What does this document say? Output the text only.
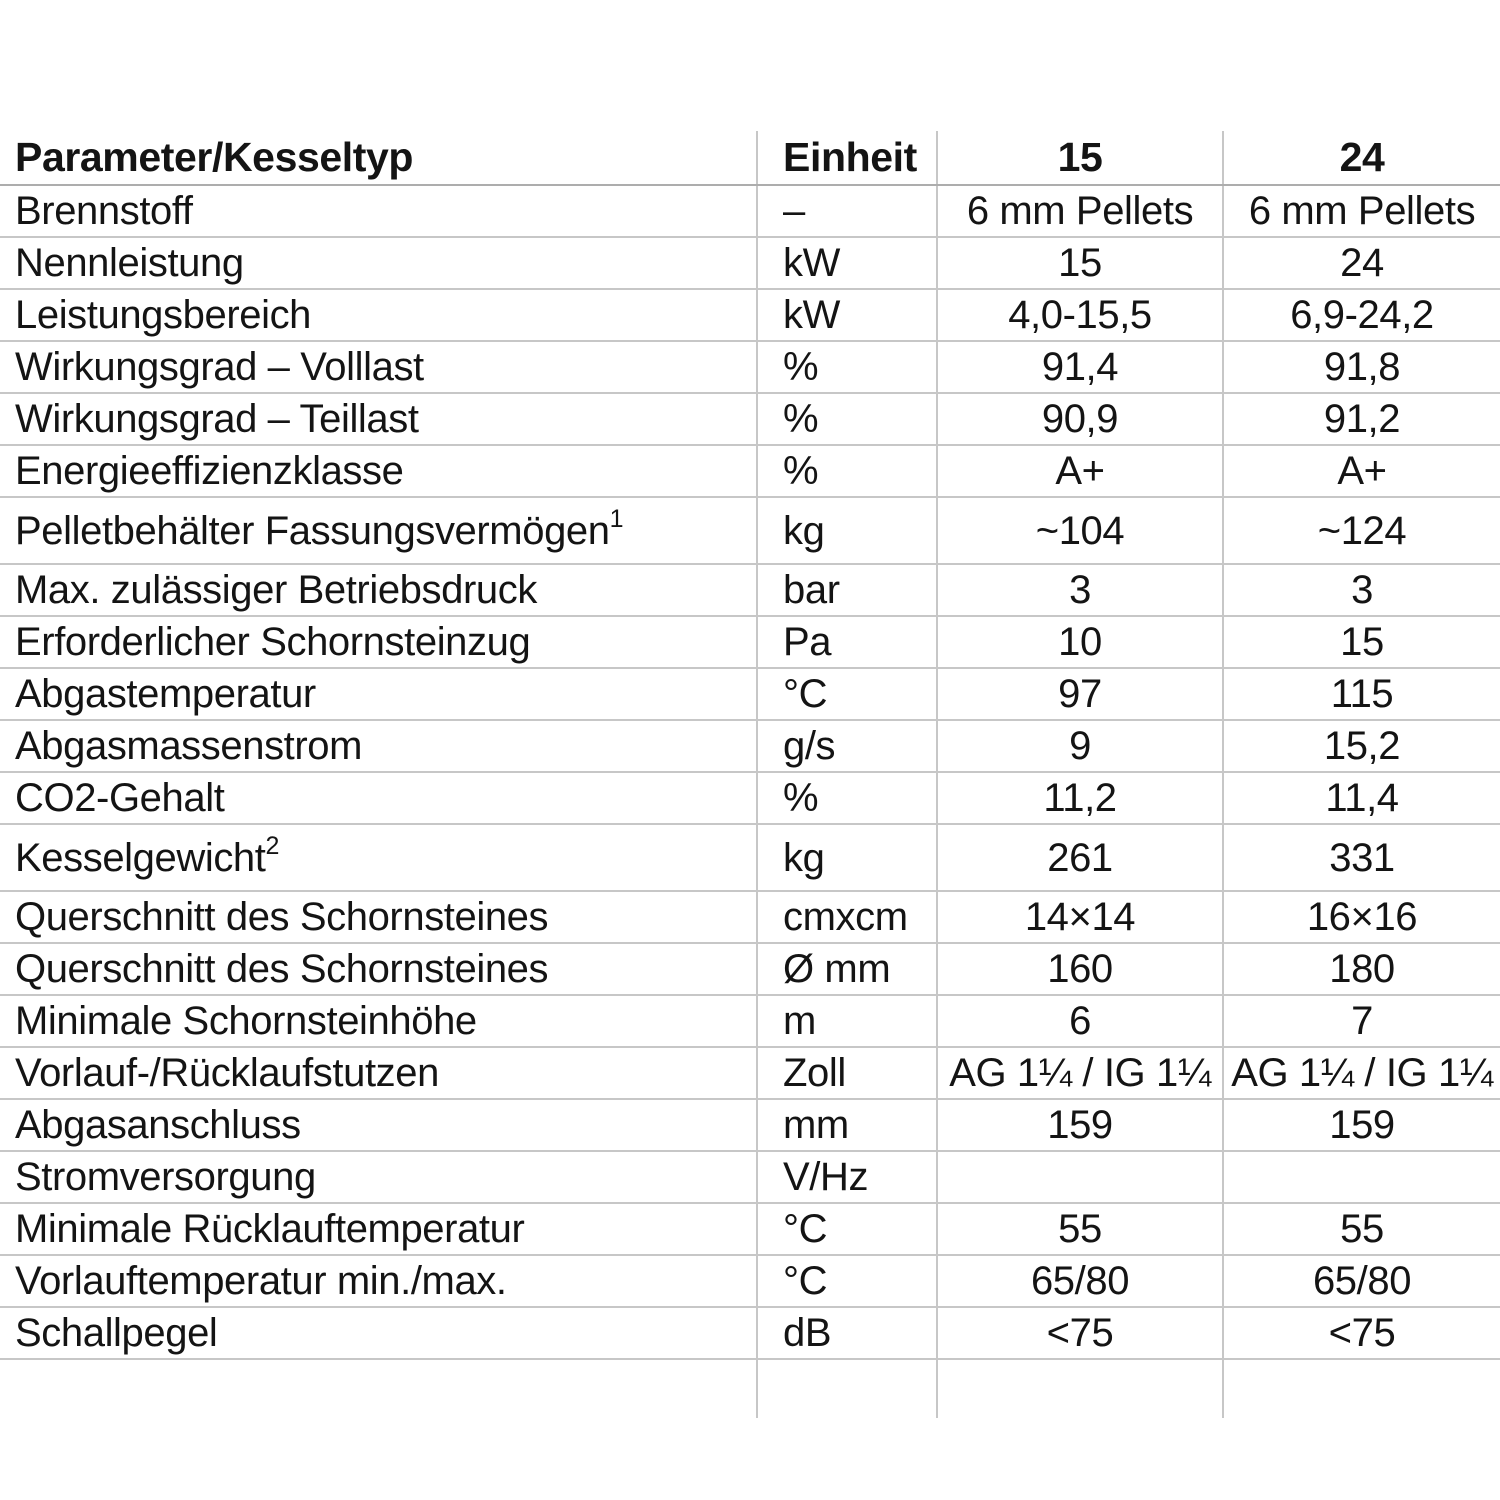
Parameter/Kesseltyp	Einheit	15	24
Brennstoff	–	6 mm Pellets	6 mm Pellets
Nennleistung	kW	15	24
Leistungsbereich	kW	4,0-15,5	6,9-24,2
Wirkungsgrad – Volllast	%	91,4	91,8
Wirkungsgrad – Teillast	%	90,9	91,2
Energieeffizienzklasse	%	A+	A+
Pelletbehälter Fassungsvermögen$^1$	kg	~104	~124
Max. zulässiger Betriebsdruck	bar	3	3
Erforderlicher Schornsteinzug	Pa	10	15
Abgastemperatur	°C	97	115
Abgasmassenstrom	g/s	9	15,2
CO2-Gehalt	%	11,2	11,4
Kesselgewicht$^2$	kg	261	331
Querschnitt des Schornsteines	cmxcm	14×14	16×16
Querschnitt des Schornsteines	Ø mm	160	180
Minimale Schornsteinhöhe	m	6	7
Vorlauf-/Rücklaufstutzen	Zoll	AG 1¼ / IG 1¼	AG 1¼ / IG 1¼
Abgasanschluss	mm	159	159
Stromversorgung	V/Hz		
Minimale Rücklauftemperatur	°C	55	55
Vorlauftemperatur min./max.	°C	65/80	65/80
Schallpegel	dB	<75	<75
